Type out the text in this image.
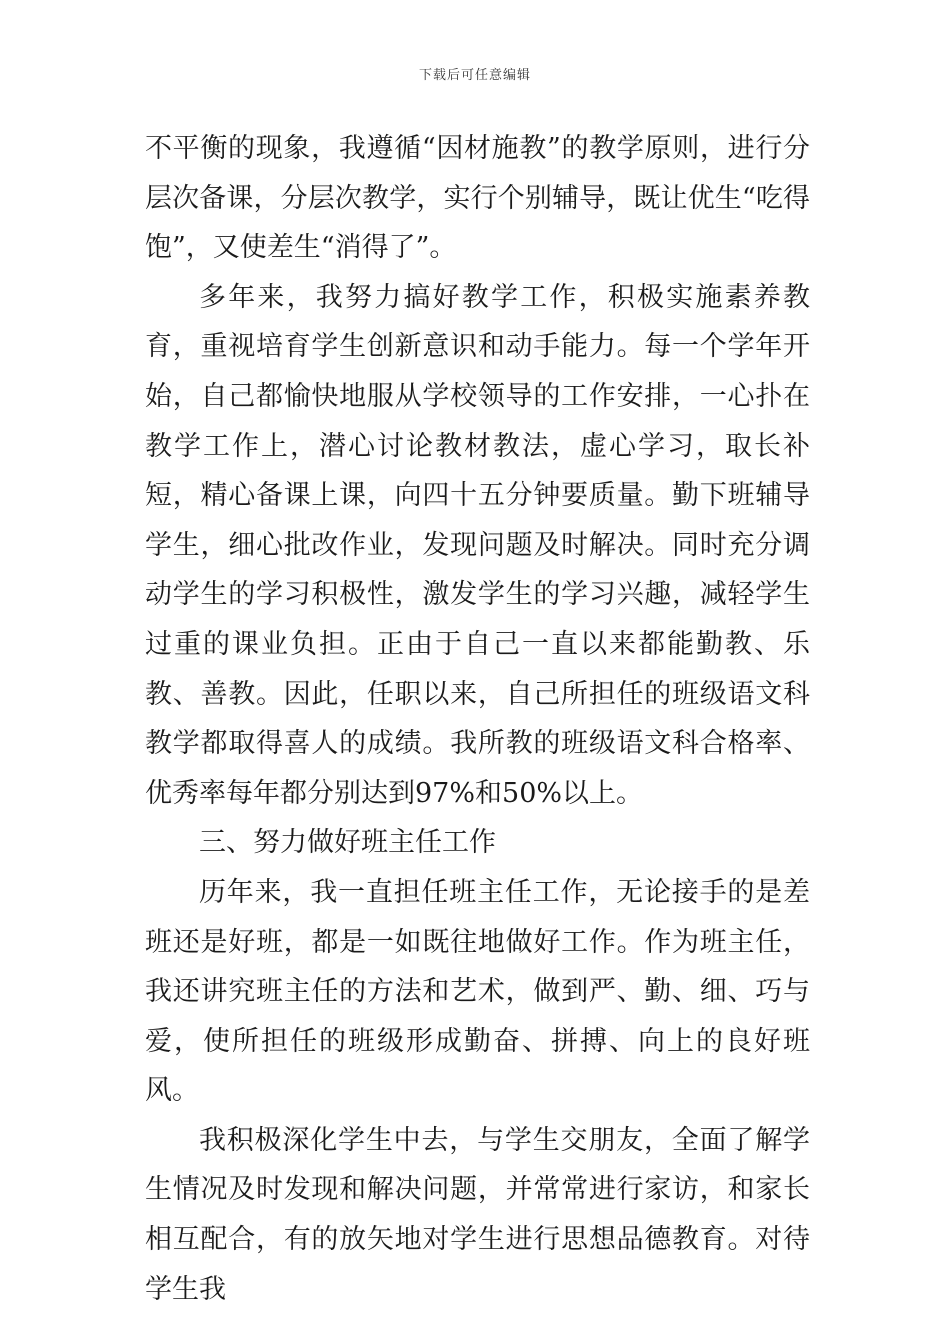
下载后可任意编辑

不平衡的现象，我遵循“因材施教”的教学原则，进行分层次备课，分层次教学，实行个别辅导，既让优生“吃得饱”，又使差生“消得了”。

多年来，我努力搞好教学工作，积极实施素养教育，重视培育学生创新意识和动手能力。每一个学年开始，自己都愉快地服从学校领导的工作安排，一心扑在教学工作上，潜心讨论教材教法，虚心学习，取长补短，精心备课上课，向四十五分钟要质量。勤下班辅导学生，细心批改作业，发现问题及时解决。同时充分调动学生的学习积极性，激发学生的学习兴趣，减轻学生过重的课业负担。正由于自己一直以来都能勤教、乐教、善教。因此，任职以来，自己所担任的班级语文科教学都取得喜人的成绩。我所教的班级语文科合格率、优秀率每年都分别达到97%和50%以上。

三、努力做好班主任工作

历年来，我一直担任班主任工作，无论接手的是差班还是好班，都是一如既往地做好工作。作为班主任，我还讲究班主任的方法和艺术，做到严、勤、细、巧与爱，使所担任的班级形成勤奋、拼搏、向上的良好班风。

我积极深化学生中去，与学生交朋友，全面了解学生情况及时发现和解决问题，并常常进行家访，和家长相互配合，有的放矢地对学生进行思想品德教育。对待学生我
